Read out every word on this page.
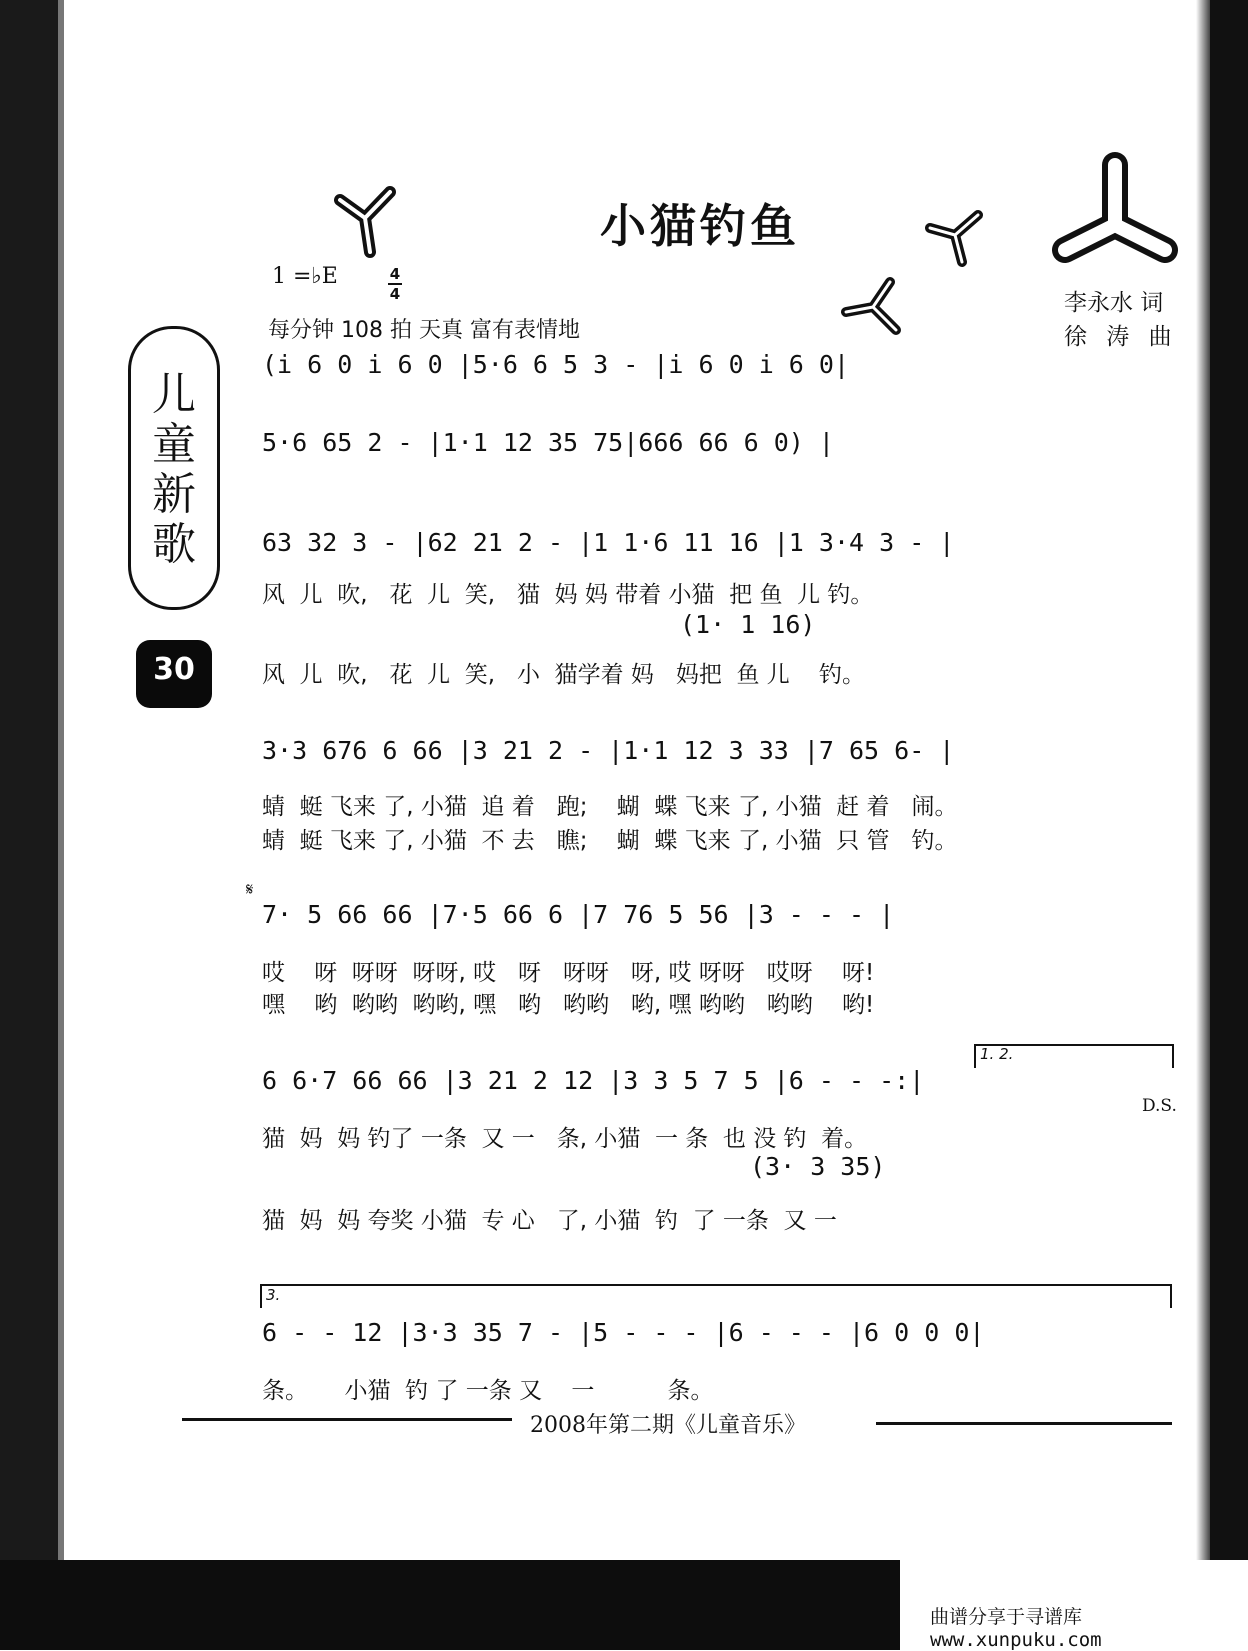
小猫钓鱼
1 =♭E	4
4
每分钟 108 拍 天真 富有表情地
李永水 词
徐 涛 曲
儿
童
新
歌
30
(i 6 0 i 6 0 |5·6 6 5 3 - |i 6 0 i 6 0|
5·6 65 2 - |1·1 12 35 75|666 66 6 0) |
63 32 3 - |62 21 2 - |1 1·6 11 16 |1 3·4 3 - |
风  儿  吹,   花  儿  笑,   猫  妈 妈 带着 小猫  把 鱼  儿 钓。
(1· 1 16)
风  儿  吹,   花  儿  笑,   小  猫学着 妈   妈把  鱼 儿    钓。
3·3 676 6 66 |3 21 2 - |1·1 12 3 33 |7 65 6- |
蜻  蜓 飞来 了, 小猫  追 着   跑;    蝴  蝶 飞来 了, 小猫  赶 着   闹。
蜻  蜓 飞来 了, 小猫  不 去   瞧;    蝴  蝶 飞来 了, 小猫  只 管   钓。
𝄋
7· 5 66 66 |7·5 66 6 |7 76 5 56 |3 - - - |
哎    呀  呀呀  呀呀, 哎   呀   呀呀   呀, 哎 呀呀   哎呀    呀!
嘿    哟  哟哟  哟哟, 嘿   哟   哟哟   哟, 嘿 哟哟   哟哟    哟!
1. 2.
6 6·7 66 66 |3 21 2 12 |3 3 5 7 5 |6 - - -:|
D.S.
猫  妈  妈 钓了 一条  又 一   条, 小猫  一 条  也 没 钓  着。
(3· 3 35)
猫  妈  妈 夸奖 小猫  专 心   了, 小猫  钓  了 一条  又 一
3.
6 - - 12 |3·3 35 7 - |5 - - - |6 - - - |6 0 0 0|
条。     小猫  钓 了 一条 又    一          条。
2008年第二期《儿童音乐》
曲谱分享于寻谱库 www.xunpuku.com
